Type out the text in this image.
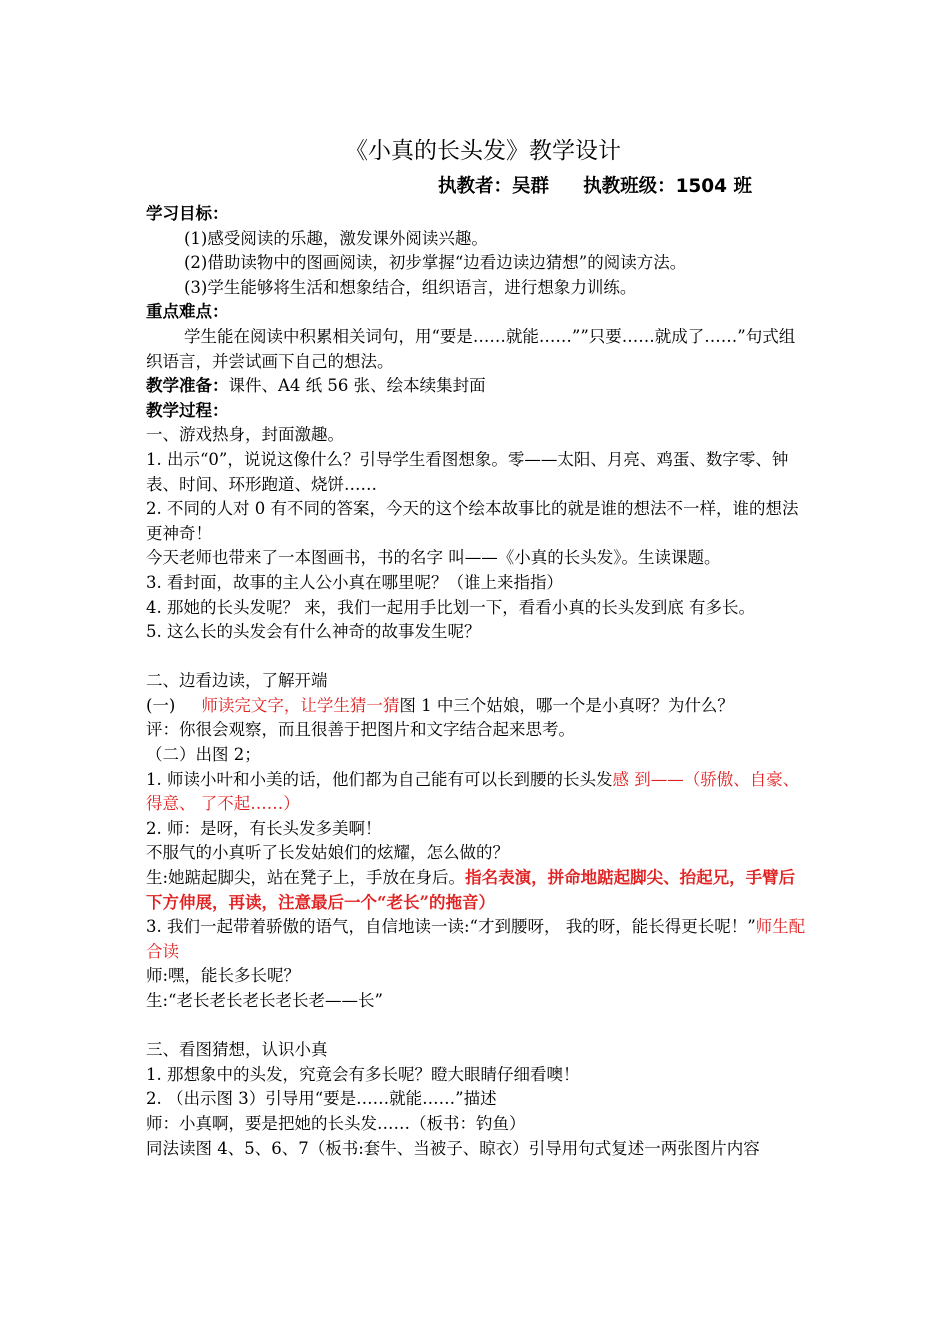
《小真的长头发》教学设计
执教者：吴群 执教班级：1504 班
学习目标：
(1)感受阅读的乐趣，激发课外阅读兴趣。
(2)借助读物中的图画阅读，初步掌握“边看边读边猜想”的阅读方法。
(3)学生能够将生活和想象结合，组织语言，进行想象力训练。
重点难点：
学生能在阅读中积累相关词句，用“要是……就能……””只要……就成了……”句式组织语言，并尝试画下自己的想法。
教学准备：课件、A4 纸 56 张、绘本续集封面
教学过程：
一、游戏热身，封面激趣。
1. 出示“0”，说说这像什么？引导学生看图想象。零——太阳、月亮、鸡蛋、数字零、钟表、时间、环形跑道、烧饼……
2. 不同的人对 0 有不同的答案，今天的这个绘本故事比的就是谁的想法不一样，谁的想法更神奇！
今天老师也带来了一本图画书，书的名字 叫——《小真的长头发》。生读课题。
3. 看封面，故事的主人公小真在哪里呢？（谁上来指指）
4. 那她的长头发呢？ 来，我们一起用手比划一下，看看小真的长头发到底 有多长。
5. 这么长的头发会有什么神奇的故事发生呢？
二、边看边读，了解开端
(一) 师读完文字，让学生猜一猜图 1 中三个姑娘，哪一个是小真呀？为什么？
评：你很会观察，而且很善于把图片和文字结合起来思考。
（二）出图 2；
1. 师读小叶和小美的话，他们都为自己能有可以长到腰的长头发感 到——（骄傲、自豪、得意、 了不起……）
2. 师：是呀，有长头发多美啊！
不服气的小真听了长发姑娘们的炫耀，怎么做的？
生:她踮起脚尖，站在凳子上，手放在身后。指名表演，拼命地踮起脚尖、抬起兄，手臂后下方伸展，再读，注意最后一个“老长”的拖音）
3. 我们一起带着骄傲的语气，自信地读一读:“才到腰呀， 我的呀，能长得更长呢！”师生配合读
师:嘿，能长多长呢？
生:“老长老长老长老长老——长”
三、看图猜想，认识小真
1. 那想象中的头发，究竟会有多长呢？瞪大眼睛仔细看噢！
2. （出示图 3）引导用“要是……就能……”描述
师：小真啊，要是把她的长头发……（板书：钓鱼）
同法读图 4、5、6、7（板书:套牛、当被子、晾衣）引导用句式复述一两张图片内容
